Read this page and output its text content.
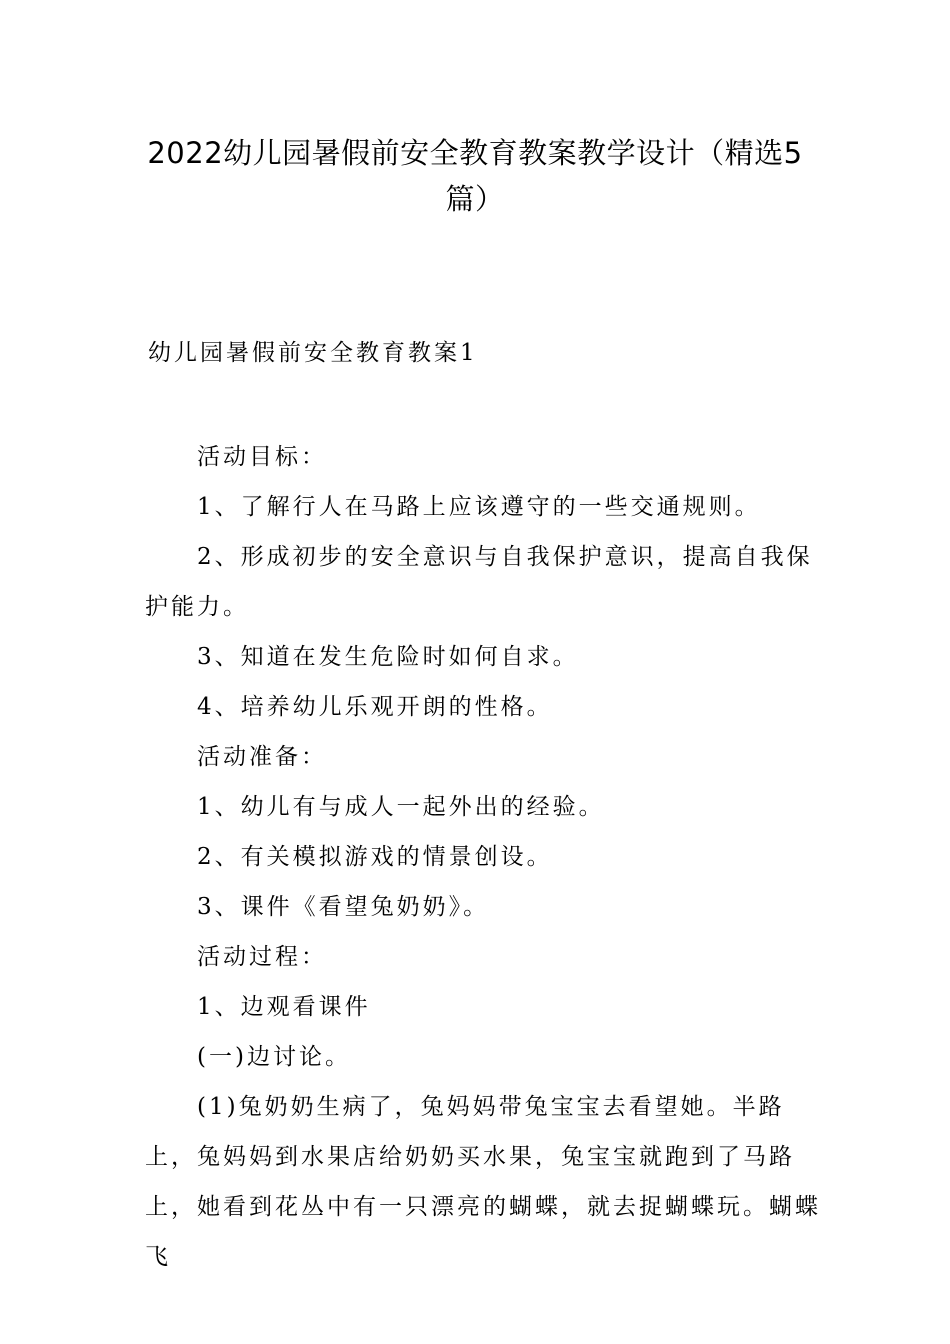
2022幼儿园暑假前安全教育教案教学设计（精选5
篇）
幼儿园暑假前安全教育教案1

活动目标：

1、了解行人在马路上应该遵守的一些交通规则。

2、形成初步的安全意识与自我保护意识，提高自我保护能力。

3、知道在发生危险时如何自求。

4、培养幼儿乐观开朗的性格。

活动准备：

1、幼儿有与成人一起外出的经验。

2、有关模拟游戏的情景创设。

3、课件《看望兔奶奶》。

活动过程：

1、边观看课件

(一)边讨论。

(1)兔奶奶生病了，兔妈妈带兔宝宝去看望她。半路上，兔妈妈到水果店给奶奶买水果，兔宝宝就跑到了马路上，她看到花丛中有一只漂亮的蝴蝶，就去捉蝴蝶玩。蝴蝶飞
